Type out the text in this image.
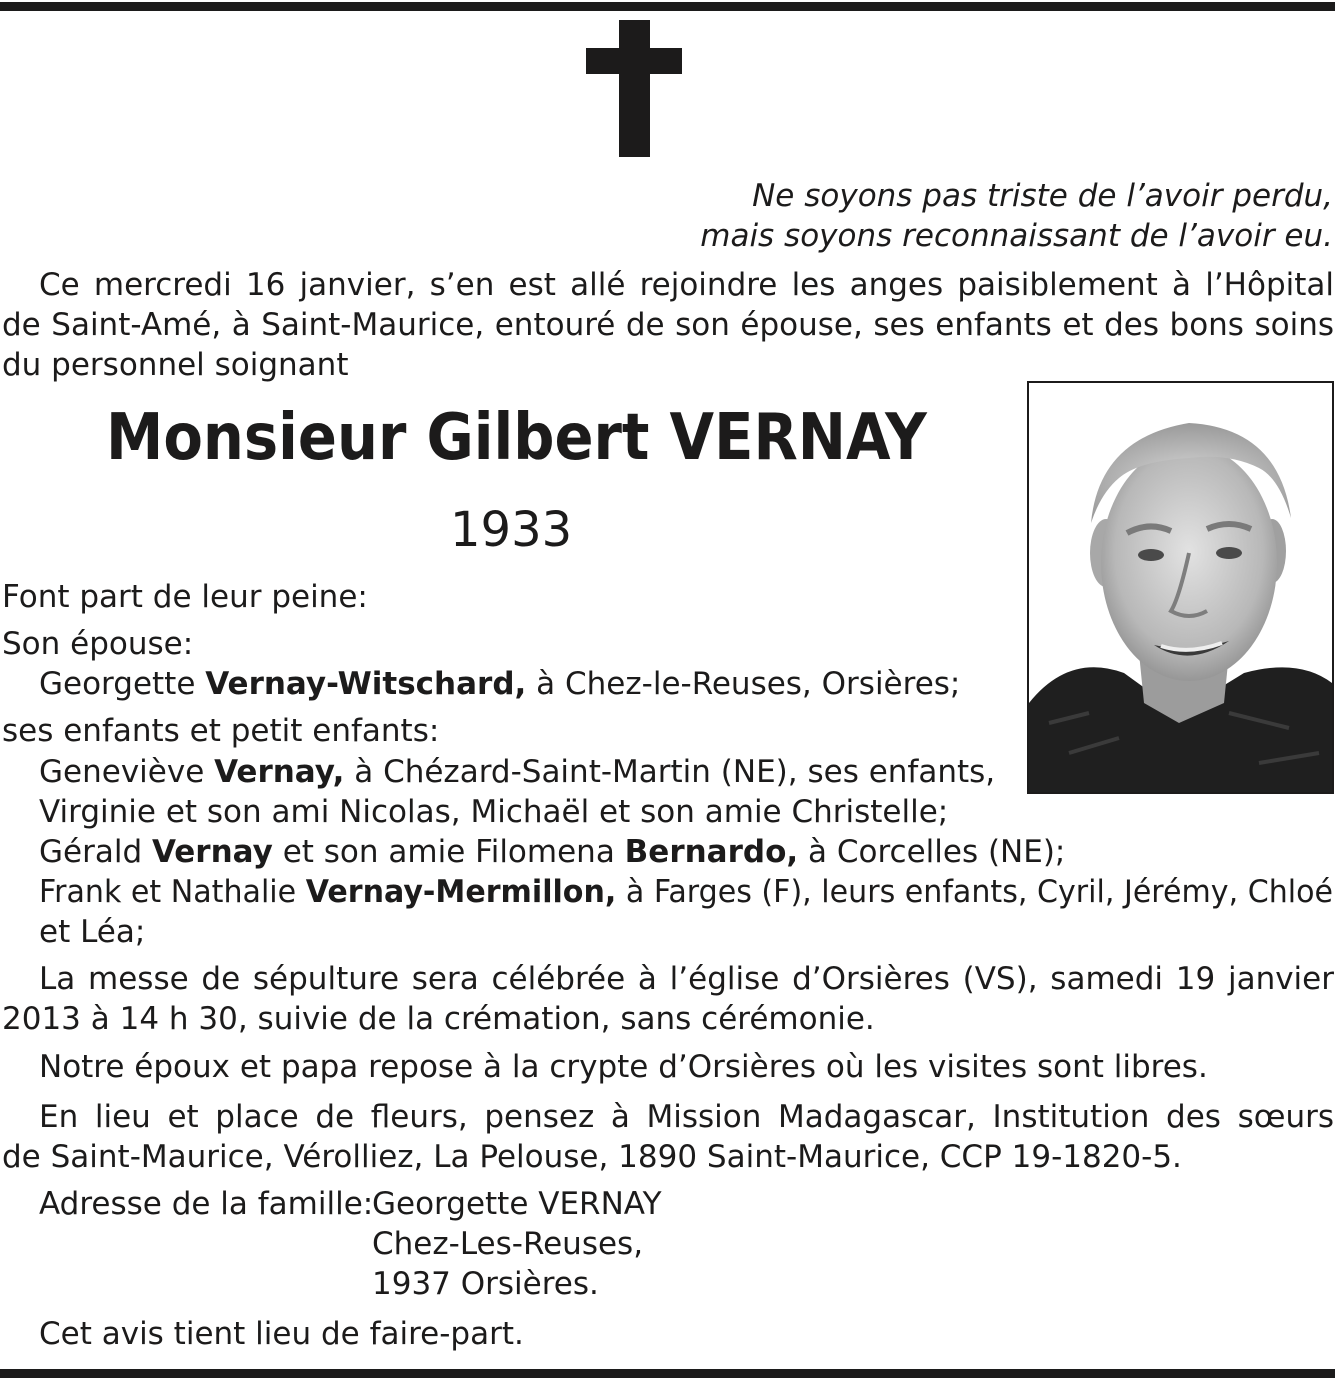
Ne soyons pas triste de l’avoir perdu,
mais soyons reconnaissant de l’avoir eu.
Ce mercredi 16 janvier, s’en est allé rejoindre les anges paisiblement à l’Hôpital
de Saint-Amé, à Saint-Maurice, entouré de son épouse, ses enfants et des bons soins
du personnel soignant
Monsieur Gilbert VERNAY
1933
Font part de leur peine:
Son épouse:
Georgette Vernay-Witschard, à Chez-le-Reuses, Orsières;
ses enfants et petit enfants:
Geneviève Vernay, à Chézard-Saint-Martin (NE), ses enfants,
Virginie et son ami Nicolas, Michaël et son amie Christelle;
Gérald Vernay et son amie Filomena Bernardo, à Corcelles (NE);
Frank et Nathalie Vernay-Mermillon, à Farges (F), leurs enfants, Cyril, Jérémy, Chloé
et Léa;
La messe de sépulture sera célébrée à l’église d’Orsières (VS), samedi 19 janvier
2013 à 14 h 30, suivie de la crémation, sans cérémonie.
Notre époux et papa repose à la crypte d’Orsières où les visites sont libres.
En lieu et place de fleurs, pensez à Mission Madagascar, Institution des sœurs
de Saint-Maurice, Vérolliez, La Pelouse, 1890 Saint-Maurice, CCP 19-1820-5.
Adresse de la famille:
Georgette VERNAY
Chez-Les-Reuses,
1937 Orsières.
Cet avis tient lieu de faire-part.
